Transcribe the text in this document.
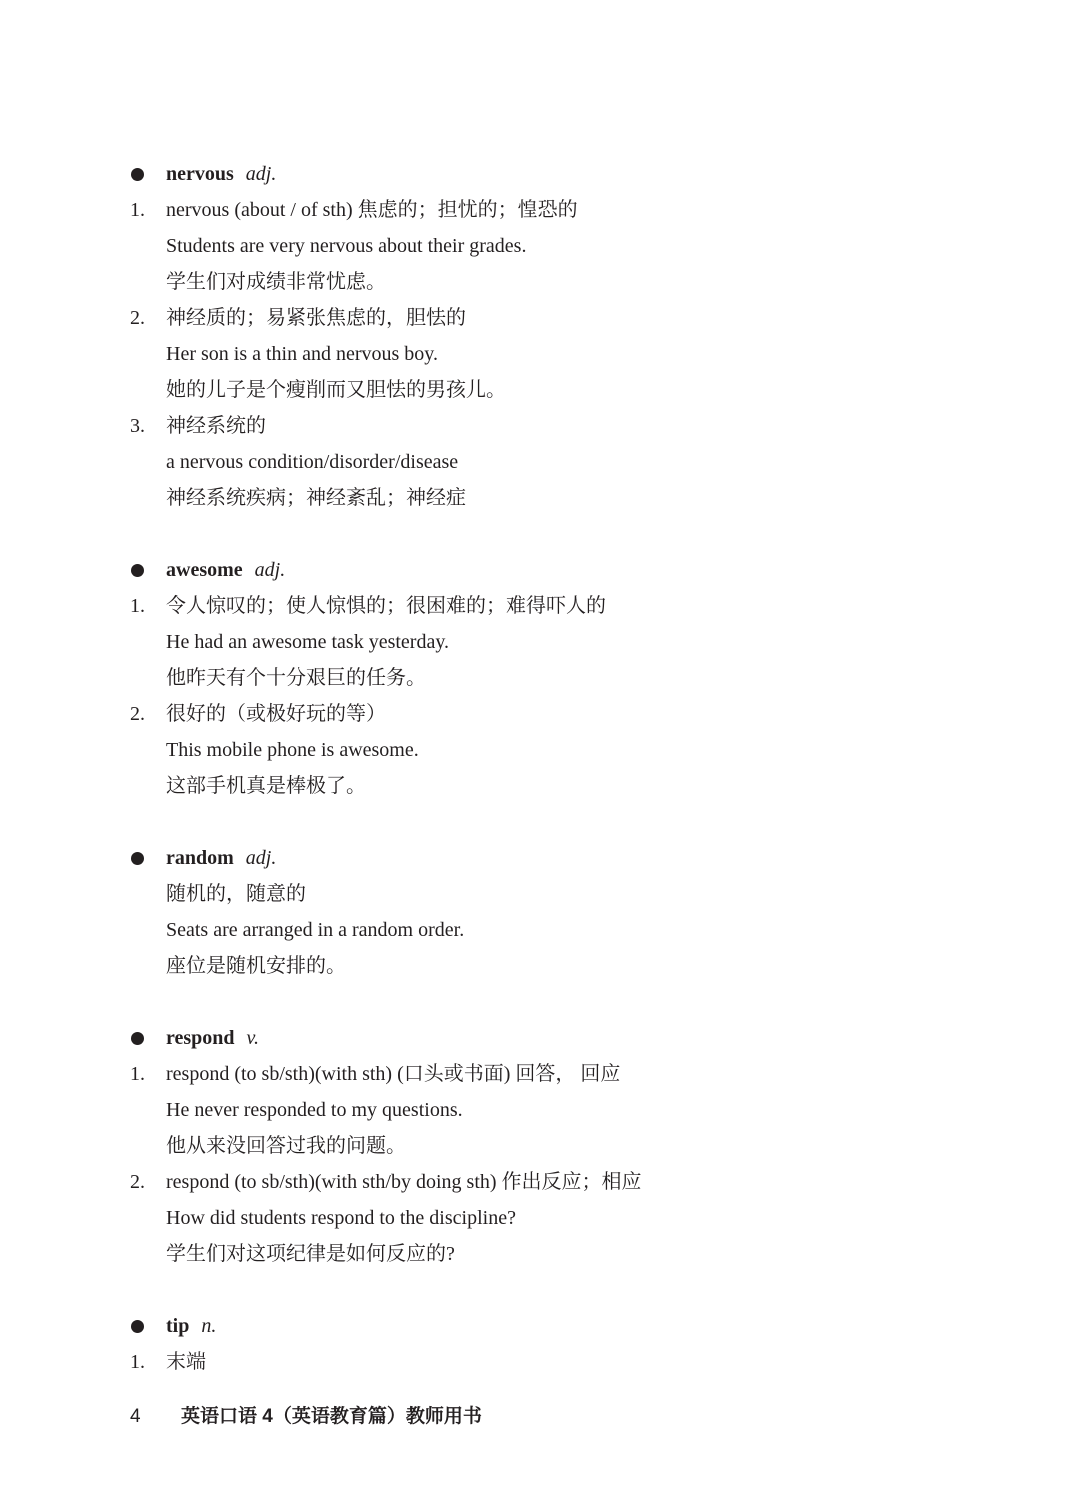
nervous adj.
1. nervous (about / of sth) 焦虑的；担忧的；惶恐的
Students are very nervous about their grades.
学生们对成绩非常忧虑。
2. 神经质的；易紧张焦虑的，胆怯的
Her son is a thin and nervous boy.
她的儿子是个瘦削而又胆怯的男孩儿。
3. 神经系统的
a nervous condition/disorder/disease
神经系统疾病；神经紊乱；神经症
awesome adj.
1. 令人惊叹的；使人惊惧的；很困难的；难得吓人的
He had an awesome task yesterday.
他昨天有个十分艰巨的任务。
2. 很好的（或极好玩的等）
This mobile phone is awesome.
这部手机真是棒极了。
random adj.
随机的，随意的
Seats are arranged in a random order.
座位是随机安排的。
respond v.
1. respond (to sb/sth)(with sth) (口头或书面) 回答， 回应
He never responded to my questions.
他从来没回答过我的问题。
2. respond (to sb/sth)(with sth/by doing sth) 作出反应；相应
How did students respond to the discipline?
学生们对这项纪律是如何反应的?
tip n.
1. 末端
4 英语口语 4（英语教育篇）教师用书
